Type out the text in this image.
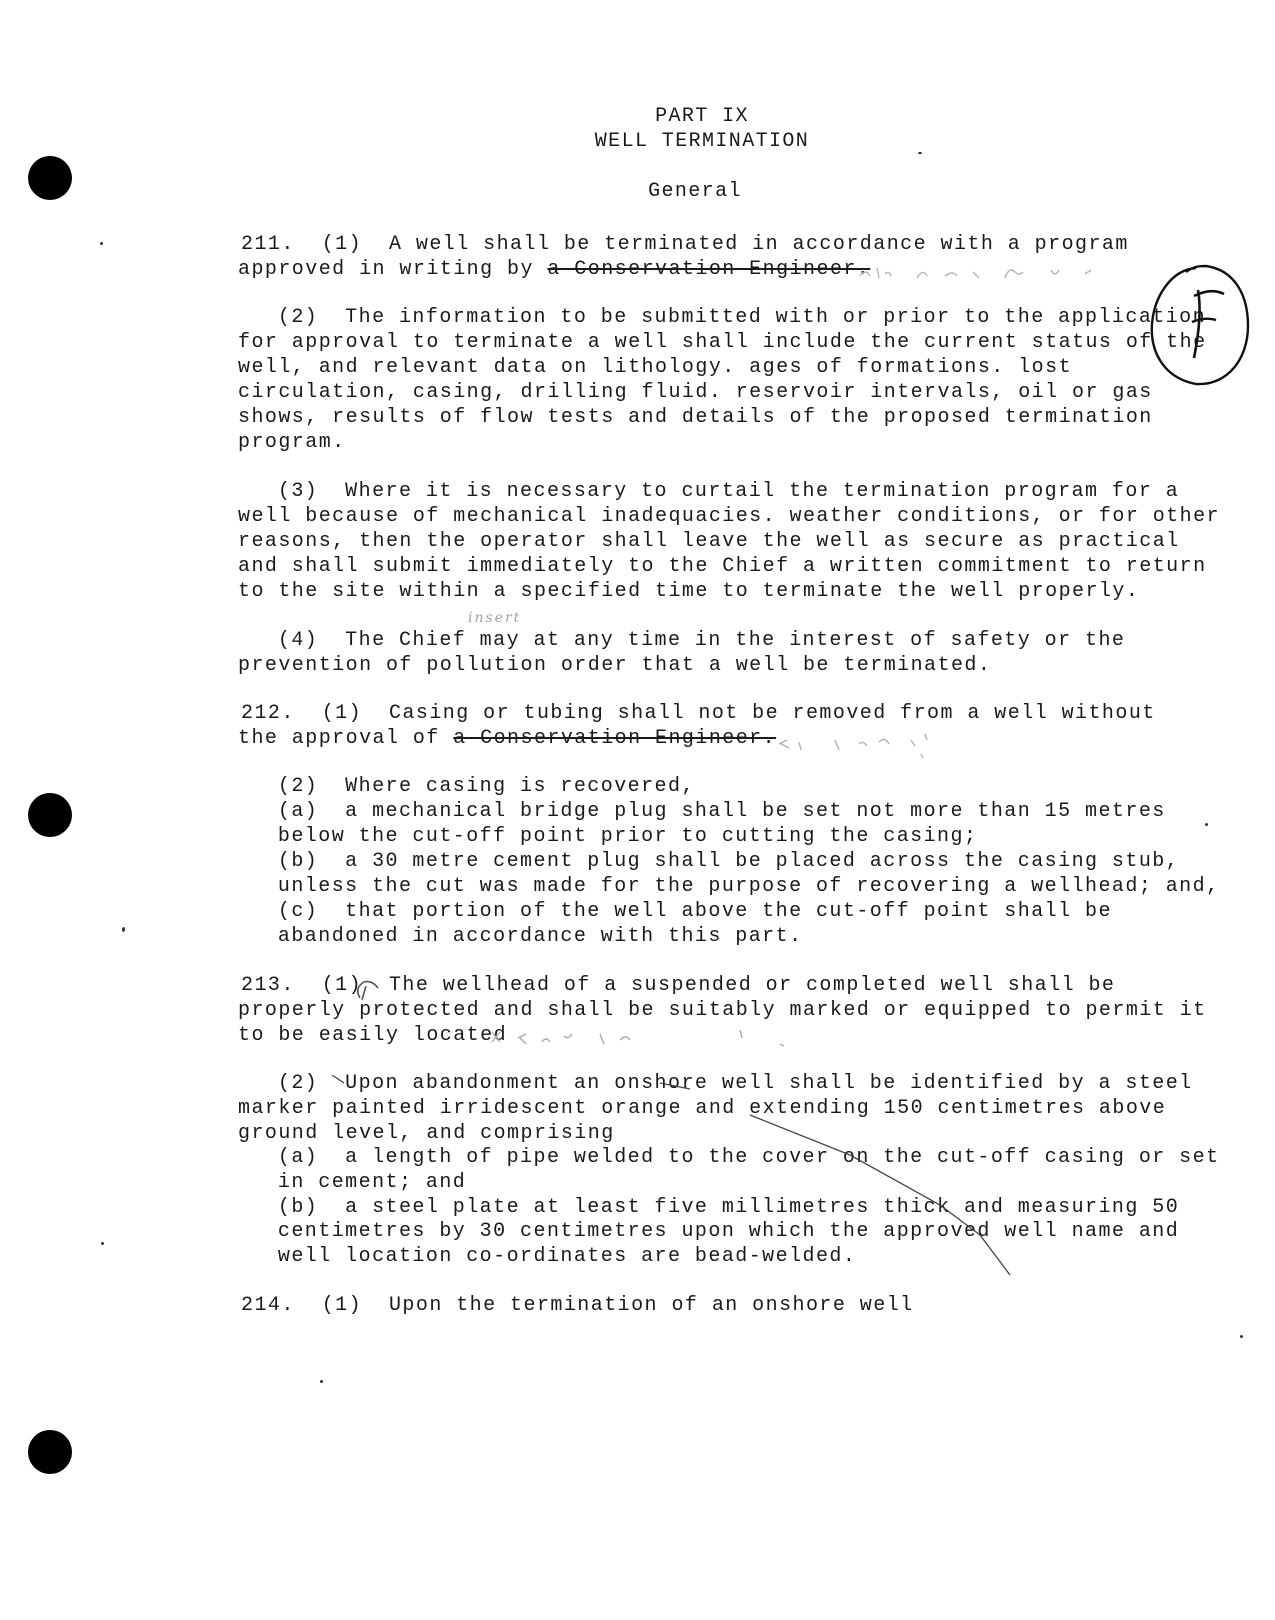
PART IX
WELL TERMINATION
General
211.  (1)  A well shall be terminated in accordance with a program
approved in writing by a Conservation Engineer.	F
(2)  The information to be submitted with or prior to the application
for approval to terminate a well shall include the current status of the
well, and relevant data on lithology. ages of formations. lost
circulation, casing, drilling fluid. reservoir intervals, oil or gas
shows, results of flow tests and details of the proposed termination
program.
(3)  Where it is necessary to curtail the termination program for a
well because of mechanical inadequacies. weather conditions, or for other
reasons, then the operator shall leave the well as secure as practical
and shall submit immediately to the Chief a written commitment to return
to the site within a specified time to terminate the well properly.
insert
(4)  The Chief may at any time in the interest of safety or the
prevention of pollution order that a well be terminated.
212.  (1)  Casing or tubing shall not be removed from a well without
the approval of a Conservation Engineer.
(2)  Where casing is recovered,
(a)  a mechanical bridge plug shall be set not more than 15 metres
below the cut-off point prior to cutting the casing;
(b)  a 30 metre cement plug shall be placed across the casing stub,
unless the cut was made for the purpose of recovering a wellhead; and,
(c)  that portion of the well above the cut-off point shall be
abandoned in accordance with this part.
213.  (1)  The wellhead of a suspended or completed well shall be
properly protected and shall be suitably marked or equipped to permit it
to be easily located
(2)  Upon abandonment an onshore well shall be identified by a steel
marker painted irridescent orange and extending 150 centimetres above
ground level, and comprising
(a)  a length of pipe welded to the cover on the cut-off casing or set
in cement; and
(b)  a steel plate at least five millimetres thick and measuring 50
centimetres by 30 centimetres upon which the approved well name and
well location co-ordinates are bead-welded.
214.  (1)  Upon the termination of an onshore well
